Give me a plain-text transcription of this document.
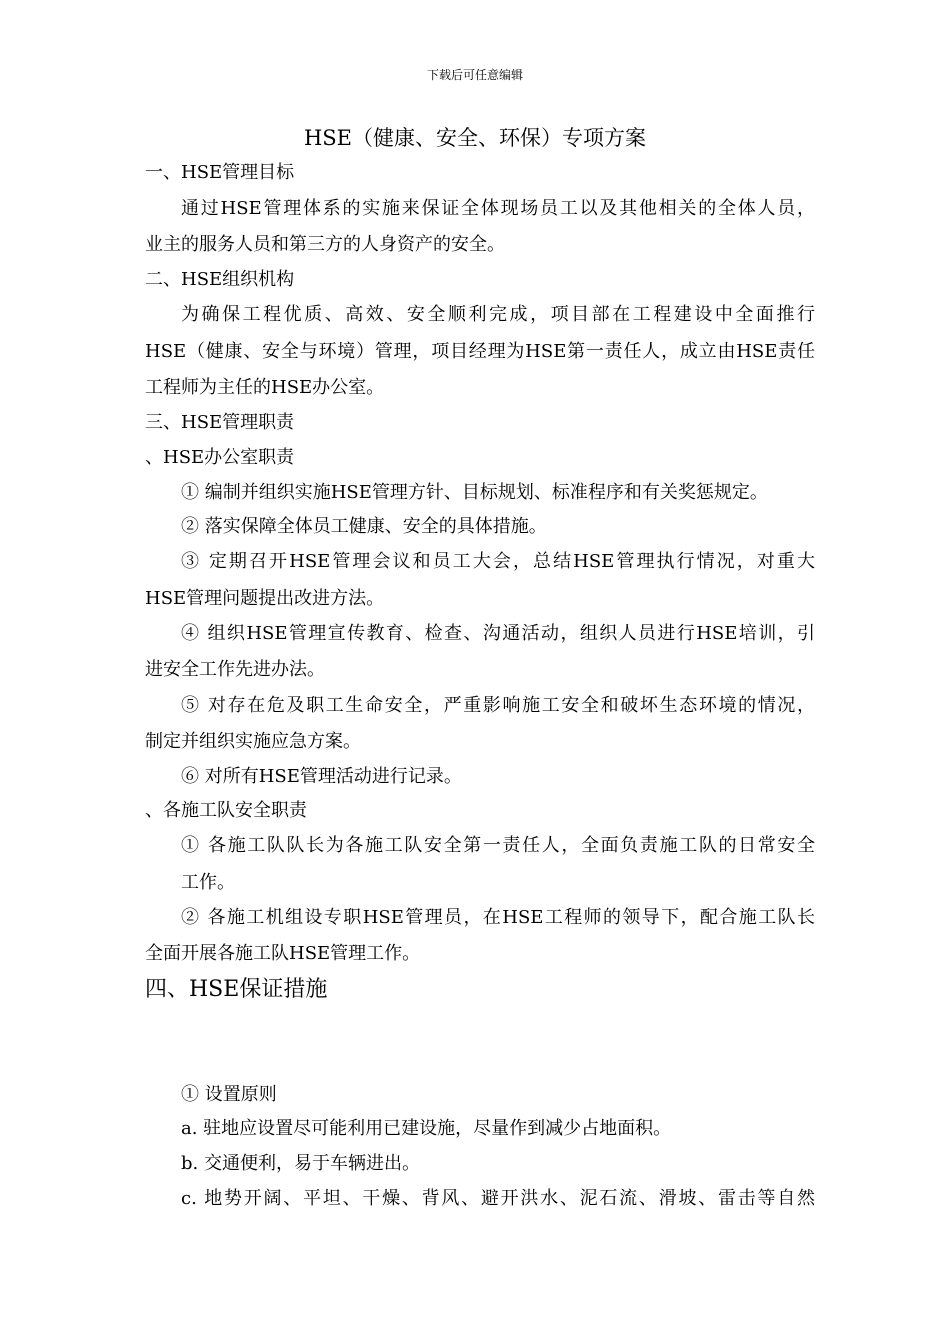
下载后可任意编辑
HSE（健康、安全、环保）专项方案
一、HSE管理目标
通过HSE管理体系的实施来保证全体现场员工以及其他相关的全体人员，
业主的服务人员和第三方的人身资产的安全。
二、HSE组织机构
为确保工程优质、高效、安全顺利完成，项目部在工程建设中全面推行
HSE（健康、安全与环境）管理，项目经理为HSE第一责任人，成立由HSE责任
工程师为主任的HSE办公室。
三、HSE管理职责
、HSE办公室职责
① 编制并组织实施HSE管理方针、目标规划、标准程序和有关奖惩规定。
② 落实保障全体员工健康、安全的具体措施。
③ 定期召开HSE管理会议和员工大会，总结HSE管理执行情况，对重大
HSE管理问题提出改进方法。
④ 组织HSE管理宣传教育、检查、沟通活动，组织人员进行HSE培训，引
进安全工作先进办法。
⑤ 对存在危及职工生命安全，严重影响施工安全和破坏生态环境的情况，
制定并组织实施应急方案。
⑥ 对所有HSE管理活动进行记录。
、各施工队安全职责
① 各施工队队长为各施工队安全第一责任人，全面负责施工队的日常安全
工作。
② 各施工机组设专职HSE管理员，在HSE工程师的领导下，配合施工队长
全面开展各施工队HSE管理工作。
四、HSE保证措施
① 设置原则
a. 驻地应设置尽可能利用已建设施，尽量作到减少占地面积。
b. 交通便利，易于车辆进出。
c. 地势开阔、平坦、干燥、背风、避开洪水、泥石流、滑坡、雷击等自然
